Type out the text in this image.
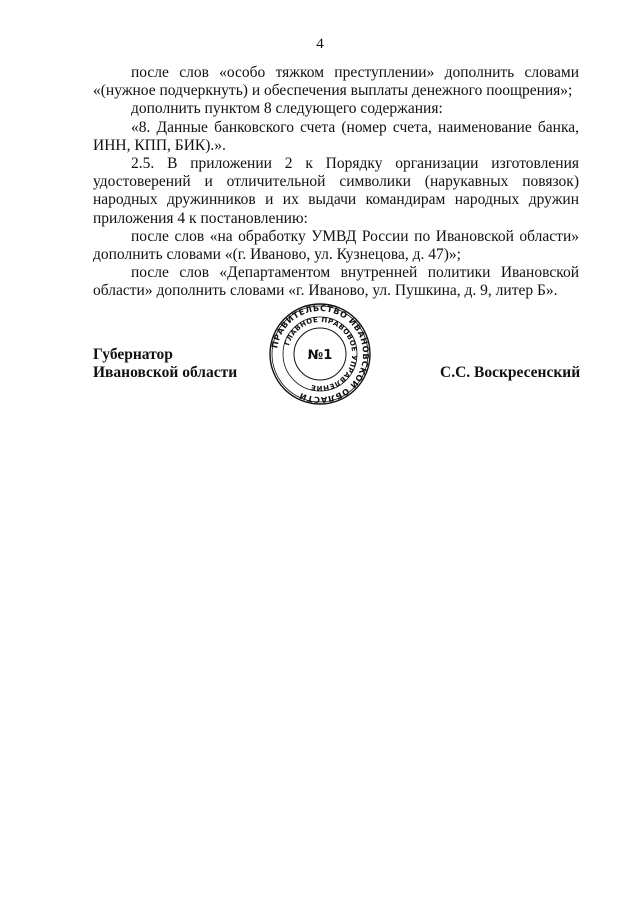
4
после слов «особо тяжком преступлении» дополнить словами
«(нужное подчеркнуть) и обеспечения выплаты денежного поощрения»;
дополнить пунктом 8 следующего содержания:
«8. Данные банковского счета (номер счета, наименование банка,
ИНН, КПП, БИК).».
2.5. В приложении 2 к Порядку организации изготовления
удостоверений и отличительной символики (нарукавных повязок)
народных дружинников и их выдачи командирам народных дружин
приложения 4 к постановлению:
после слов «на обработку УМВД России по Ивановской области»
дополнить словами «(г. Иваново, ул. Кузнецова, д. 47)»;
после слов «Департаментом внутренней политики Ивановской
области» дополнить словами «г. Иваново, ул. Пушкина, д. 9, литер Б».
Губернатор
Ивановской области	С.С. Воскресенский
ПРАВИТЕЛЬСТВО ИВАНОВСКОЙ ОБЛАСТИ
ГЛАВНОЕ ПРАВОВОЕ УПРАВЛЕНИЕ
№1
